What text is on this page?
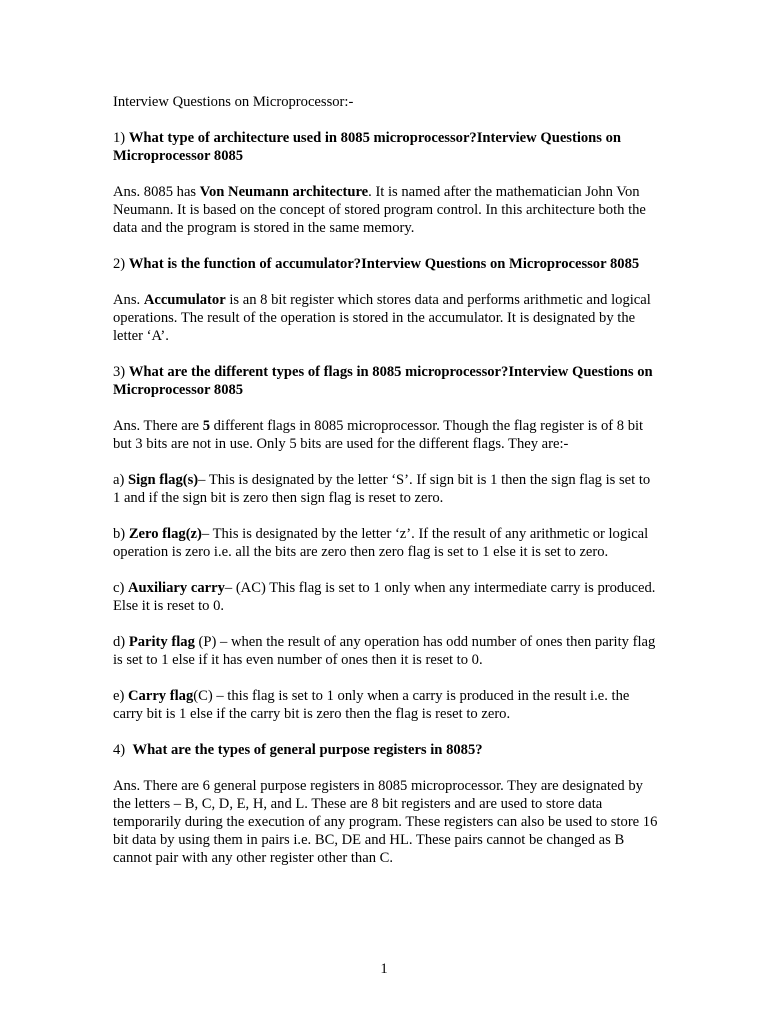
Interview Questions on Microprocessor:-

1) What type of architecture used in 8085 microprocessor?Interview Questions on Microprocessor 8085

Ans. 8085 has Von Neumann architecture. It is named after the mathematician John Von Neumann. It is based on the concept of stored program control. In this architecture both the data and the program is stored in the same memory.

2) What is the function of accumulator?Interview Questions on Microprocessor 8085

Ans. Accumulator is an 8 bit register which stores data and performs arithmetic and logical operations. The result of the operation is stored in the accumulator. It is designated by the letter ‘A’.

3) What are the different types of flags in 8085 microprocessor?Interview Questions on Microprocessor 8085

Ans. There are 5 different flags in 8085 microprocessor. Though the flag register is of 8 bit but 3 bits are not in use. Only 5 bits are used for the different flags. They are:-

a) Sign flag(s)– This is designated by the letter ‘S’. If sign bit is 1 then the sign flag is set to 1 and if the sign bit is zero then sign flag is reset to zero.

b) Zero flag(z)– This is designated by the letter ‘z’. If the result of any arithmetic or logical operation is zero i.e. all the bits are zero then zero flag is set to 1 else it is set to zero.

c) Auxiliary carry– (AC) This flag is set to 1 only when any intermediate carry is produced. Else it is reset to 0.

d) Parity flag (P) – when the result of any operation has odd number of ones then parity flag is set to 1 else if it has even number of ones then it is reset to 0.

e) Carry flag(C) – this flag is set to 1 only when a carry is produced in the result i.e. the carry bit is 1 else if the carry bit is zero then the flag is reset to zero.

4)  What are the types of general purpose registers in 8085?

Ans. There are 6 general purpose registers in 8085 microprocessor. They are designated by the letters – B, C, D, E, H, and L. These are 8 bit registers and are used to store data temporarily during the execution of any program. These registers can also be used to store 16 bit data by using them in pairs i.e. BC, DE and HL. These pairs cannot be changed as B cannot pair with any other register other than C.

1
